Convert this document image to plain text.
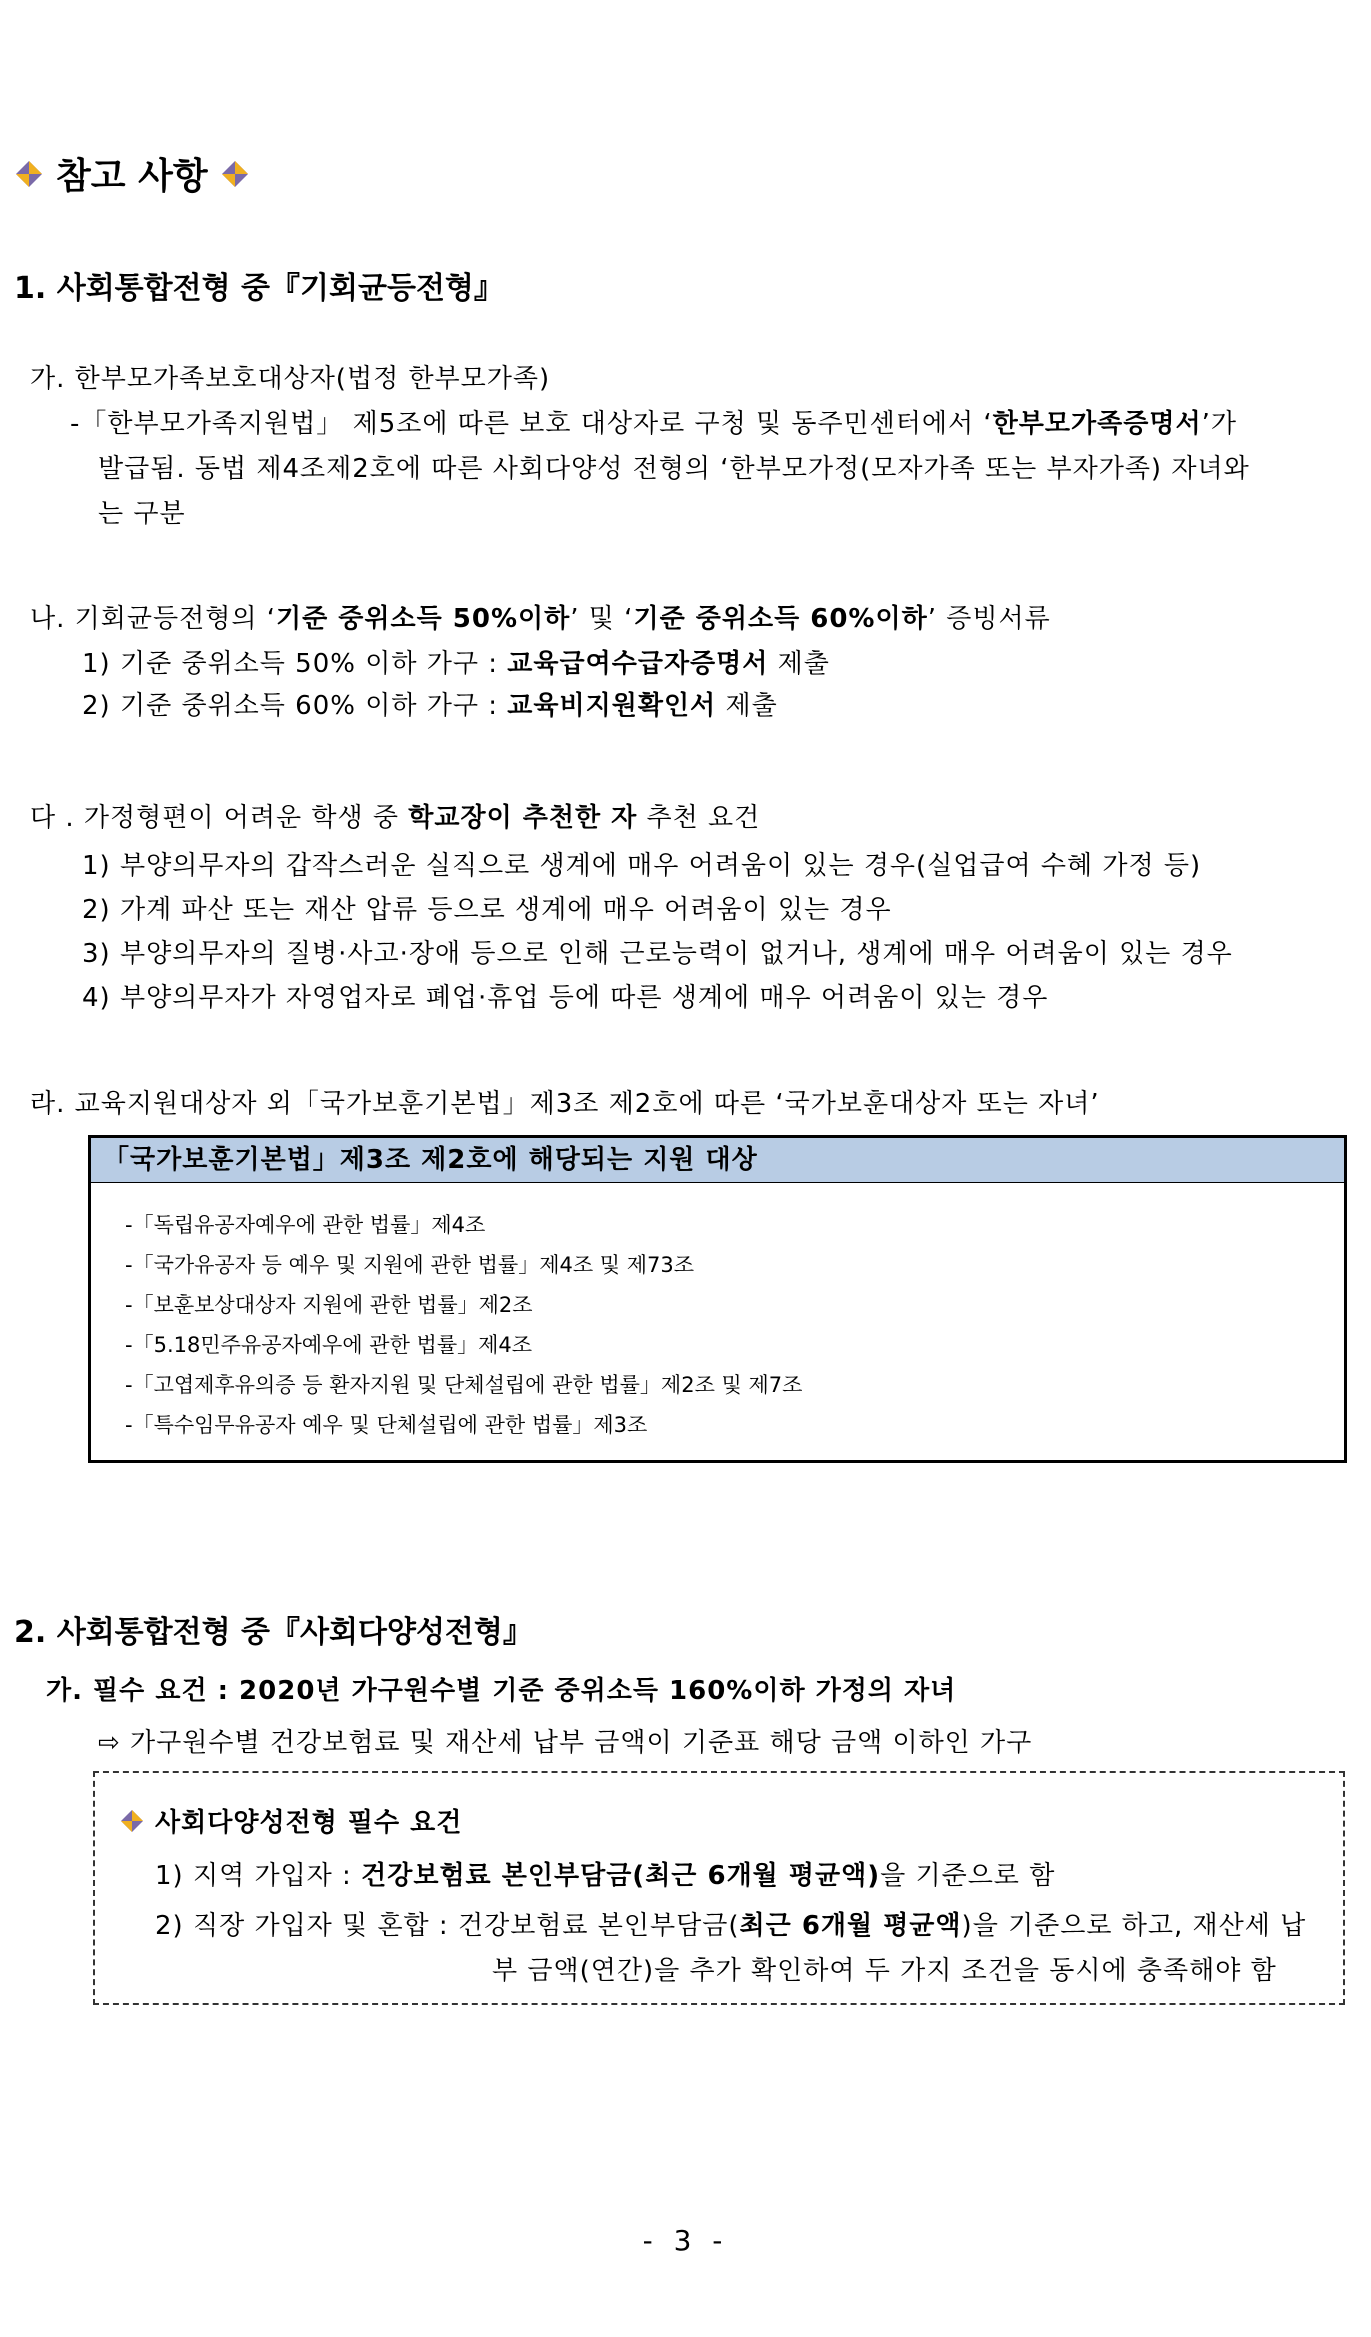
참고 사항
1. 사회통합전형 중『기회균등전형』
가. 한부모가족보호대상자(법정 한부모가족)
-「한부모가족지원법」 제5조에 따른 보호 대상자로 구청 및 동주민센터에서 ‘한부모가족증명서’가
발급됨. 동법 제4조제2호에 따른 사회다양성 전형의 ‘한부모가정(모자가족 또는 부자가족) 자녀와
는 구분
나. 기회균등전형의 ‘기준 중위소득 50%이하’ 및 ‘기준 중위소득 60%이하’ 증빙서류
1) 기준 중위소득 50% 이하 가구 : 교육급여수급자증명서 제출
2) 기준 중위소득 60% 이하 가구 : 교육비지원확인서 제출
다 . 가정형편이 어려운 학생 중 학교장이 추천한 자 추천 요건
1) 부양의무자의 갑작스러운 실직으로 생계에 매우 어려움이 있는 경우(실업급여 수혜 가정 등)
2) 가계 파산 또는 재산 압류 등으로 생계에 매우 어려움이 있는 경우
3) 부양의무자의 질병·사고·장애 등으로 인해 근로능력이 없거나, 생계에 매우 어려움이 있는 경우
4) 부양의무자가 자영업자로 폐업·휴업 등에 따른 생계에 매우 어려움이 있는 경우
라. 교육지원대상자 외「국가보훈기본법」제3조 제2호에 따른 ‘국가보훈대상자 또는 자녀’
「국가보훈기본법」제3조 제2호에 해당되는 지원 대상
-「독립유공자예우에 관한 법률」제4조
-「국가유공자 등 예우 및 지원에 관한 법률」제4조 및 제73조
-「보훈보상대상자 지원에 관한 법률」제2조
-「5.18민주유공자예우에 관한 법률」제4조
-「고엽제후유의증 등 환자지원 및 단체설립에 관한 법률」제2조 및 제7조
-「특수임무유공자 예우 및 단체설립에 관한 법률」제3조
2. 사회통합전형 중『사회다양성전형』
가. 필수 요건 : 2020년 가구원수별 기준 중위소득 160%이하 가정의 자녀
⇨ 가구원수별 건강보험료 및 재산세 납부 금액이 기준표 해당 금액 이하인 가구
사회다양성전형 필수 요건
1) 지역 가입자 : 건강보험료 본인부담금(최근 6개월 평균액)을 기준으로 함
2) 직장 가입자 및 혼합 : 건강보험료 본인부담금(최근 6개월 평균액)을 기준으로 하고, 재산세 납
부 금액(연간)을 추가 확인하여 두 가지 조건을 동시에 충족해야 함
- 3 -
